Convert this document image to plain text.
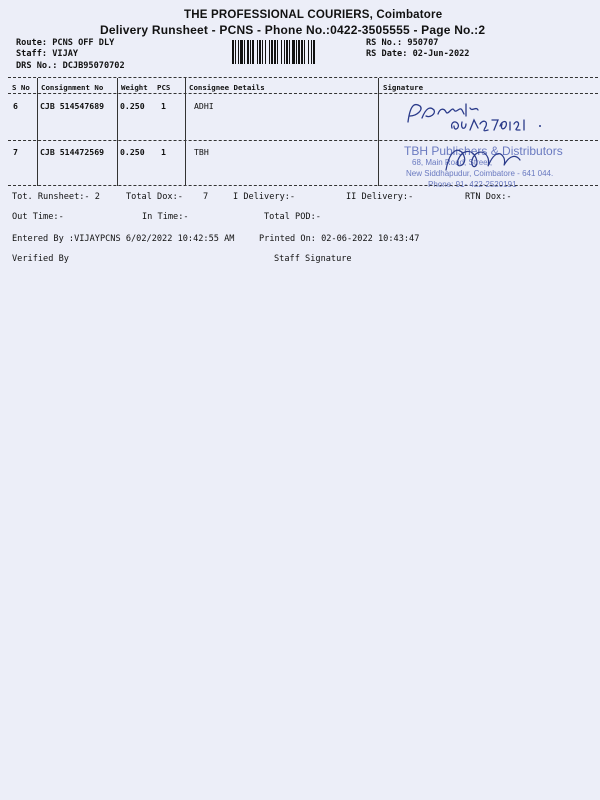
THE PROFESSIONAL COURIERS, Coimbatore
Delivery Runsheet - PCNS - Phone No.:0422-3505555 - Page No.:2
Route: PCNS OFF DLY
Staff: VIJAY
DRS No.: DCJB95070702
RS No.: 950707
RS Date: 02-Jun-2022
S No Consignment No Weight PCS	Consignee Details	Signature
6	CJB 514547689 0.250 1	ADHI
7	CJB 514472569 0.250 1	TBH	TBH Publishers & Distributors
68, Main Road, Street,
New Siddhapudur, Coimbatore - 641 044.
Phone: 91- 422-2520191
Tot. Runsheet:- 2	Total Dox:- 7	I Delivery:-	II Delivery:-	RTN Dox:-
Out Time:-	In Time:-	Total POD:-
Entered By :VIJAYPCNS 6/02/2022 10:42:55 AM	Printed On: 02-06-2022 10:43:47
Verified By	Staff Signature
